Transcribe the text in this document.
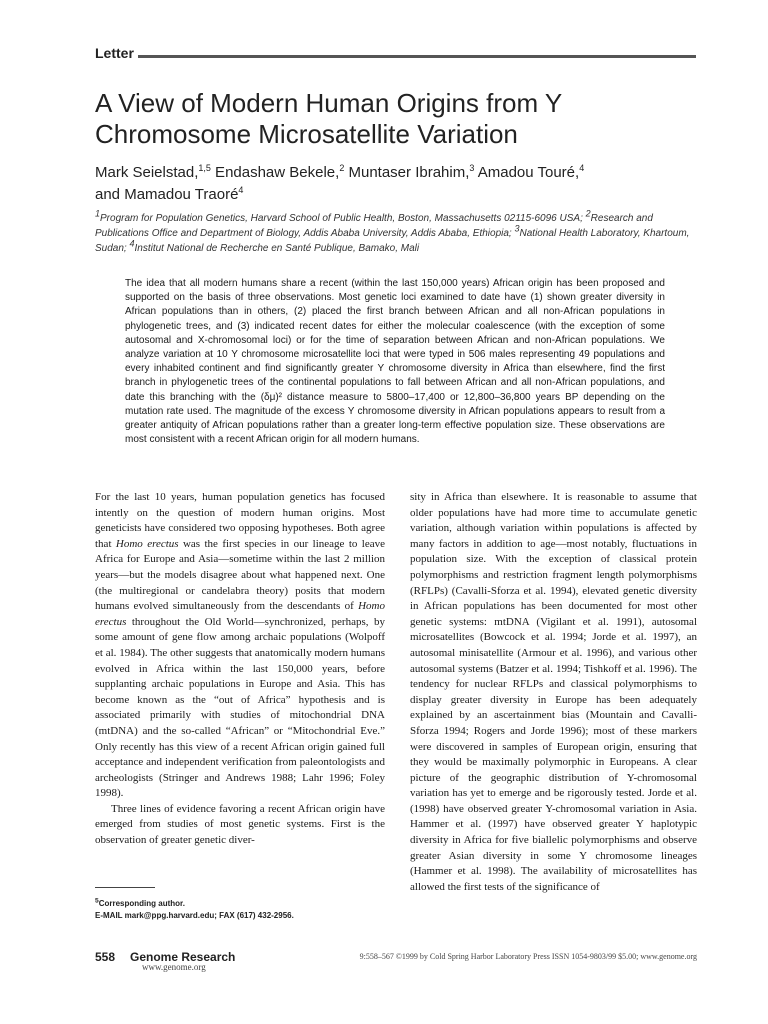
Letter
A View of Modern Human Origins from Y Chromosome Microsatellite Variation
Mark Seielstad,$^{1,5}$ Endashaw Bekele,$^2$ Muntaser Ibrahim,$^3$ Amadou Touré,$^4$
and Mamadou Traoré$^4$
$^1$Program for Population Genetics, Harvard School of Public Health, Boston, Massachusetts 02115-6096 USA; $^2$Research and Publications Office and Department of Biology, Addis Ababa University, Addis Ababa, Ethiopia; $^3$National Health Laboratory, Khartoum, Sudan; $^4$Institut National de Recherche en Santé Publique, Bamako, Mali
The idea that all modern humans share a recent (within the last 150,000 years) African origin has been proposed and supported on the basis of three observations. Most genetic loci examined to date have (1) shown greater diversity in African populations than in others, (2) placed the first branch between African and all non-African populations in phylogenetic trees, and (3) indicated recent dates for either the molecular coalescence (with the exception of some autosomal and X-chromosomal loci) or for the time of separation between African and non-African populations. We analyze variation at 10 Y chromosome microsatellite loci that were typed in 506 males representing 49 populations and every inhabited continent and find significantly greater Y chromosome diversity in Africa than elsewhere, find the first branch in phylogenetic trees of the continental populations to fall between African and all non-African populations, and date this branching with the (δμ)² distance measure to 5800–17,400 or 12,800–36,800 years BP depending on the mutation rate used. The magnitude of the excess Y chromosome diversity in African populations appears to result from a greater antiquity of African populations rather than a greater long-term effective population size. These observations are most consistent with a recent African origin for all modern humans.

For the last 10 years, human population genetics has focused intently on the question of modern human origins. Most geneticists have considered two opposing hypotheses. Both agree that Homo erectus was the first species in our lineage to leave Africa for Europe and Asia—sometime within the last 2 million years—but the models disagree about what happened next. One (the multiregional or candelabra theory) posits that modern humans evolved simultaneously from the descendants of Homo erectus throughout the Old World—synchronized, perhaps, by some amount of gene flow among archaic populations (Wolpoff et al. 1984). The other suggests that anatomically modern humans evolved in Africa within the last 150,000 years, before supplanting archaic populations in Europe and Asia. This has become known as the “out of Africa” hypothesis and is associated primarily with studies of mitochondrial DNA (mtDNA) and the so-called “African” or “Mitochondrial Eve.” Only recently has this view of a recent African origin gained full acceptance and independent verification from paleontologists and archeologists (Stringer and Andrews 1988; Lahr 1996; Foley 1998).

Three lines of evidence favoring a recent African origin have emerged from studies of most genetic systems. First is the observation of greater genetic diver-

sity in Africa than elsewhere. It is reasonable to assume that older populations have had more time to accumulate genetic variation, although variation within populations is affected by many factors in addition to age—most notably, fluctuations in population size. With the exception of classical protein polymorphisms and restriction fragment length polymorphisms (RFLPs) (Cavalli-Sforza et al. 1994), elevated genetic diversity in African populations has been documented for most other genetic systems: mtDNA (Vigilant et al. 1991), autosomal microsatellites (Bowcock et al. 1994; Jorde et al. 1997), an autosomal minisatellite (Armour et al. 1996), and various other autosomal systems (Batzer et al. 1994; Tishkoff et al. 1996). The tendency for nuclear RFLPs and classical polymorphisms to display greater diversity in Europe has been adequately explained by an ascertainment bias (Mountain and Cavalli-Sforza 1994; Rogers and Jorde 1996); most of these markers were discovered in samples of European origin, ensuring that they would be maximally polymorphic in Europeans. A clear picture of the geographic distribution of Y-chromosomal variation has yet to emerge and be rigorously tested. Jorde et al. (1998) have observed greater Y-chromosomal variation in Asia. Hammer et al. (1997) have observed greater Y haplotypic diversity in Africa for five biallelic polymorphisms and observe greater Asian diversity in some Y chromosome lineages (Hammer et al. 1998). The availability of microsatellites has allowed the first tests of the significance of

$^5$Corresponding author.
E-MAIL mark@ppg.harvard.edu; FAX (617) 432-2956.
558 Genome Research
www.genome.org
9:558–567 ©1999 by Cold Spring Harbor Laboratory Press ISSN 1054-9803/99 $5.00; www.genome.org
